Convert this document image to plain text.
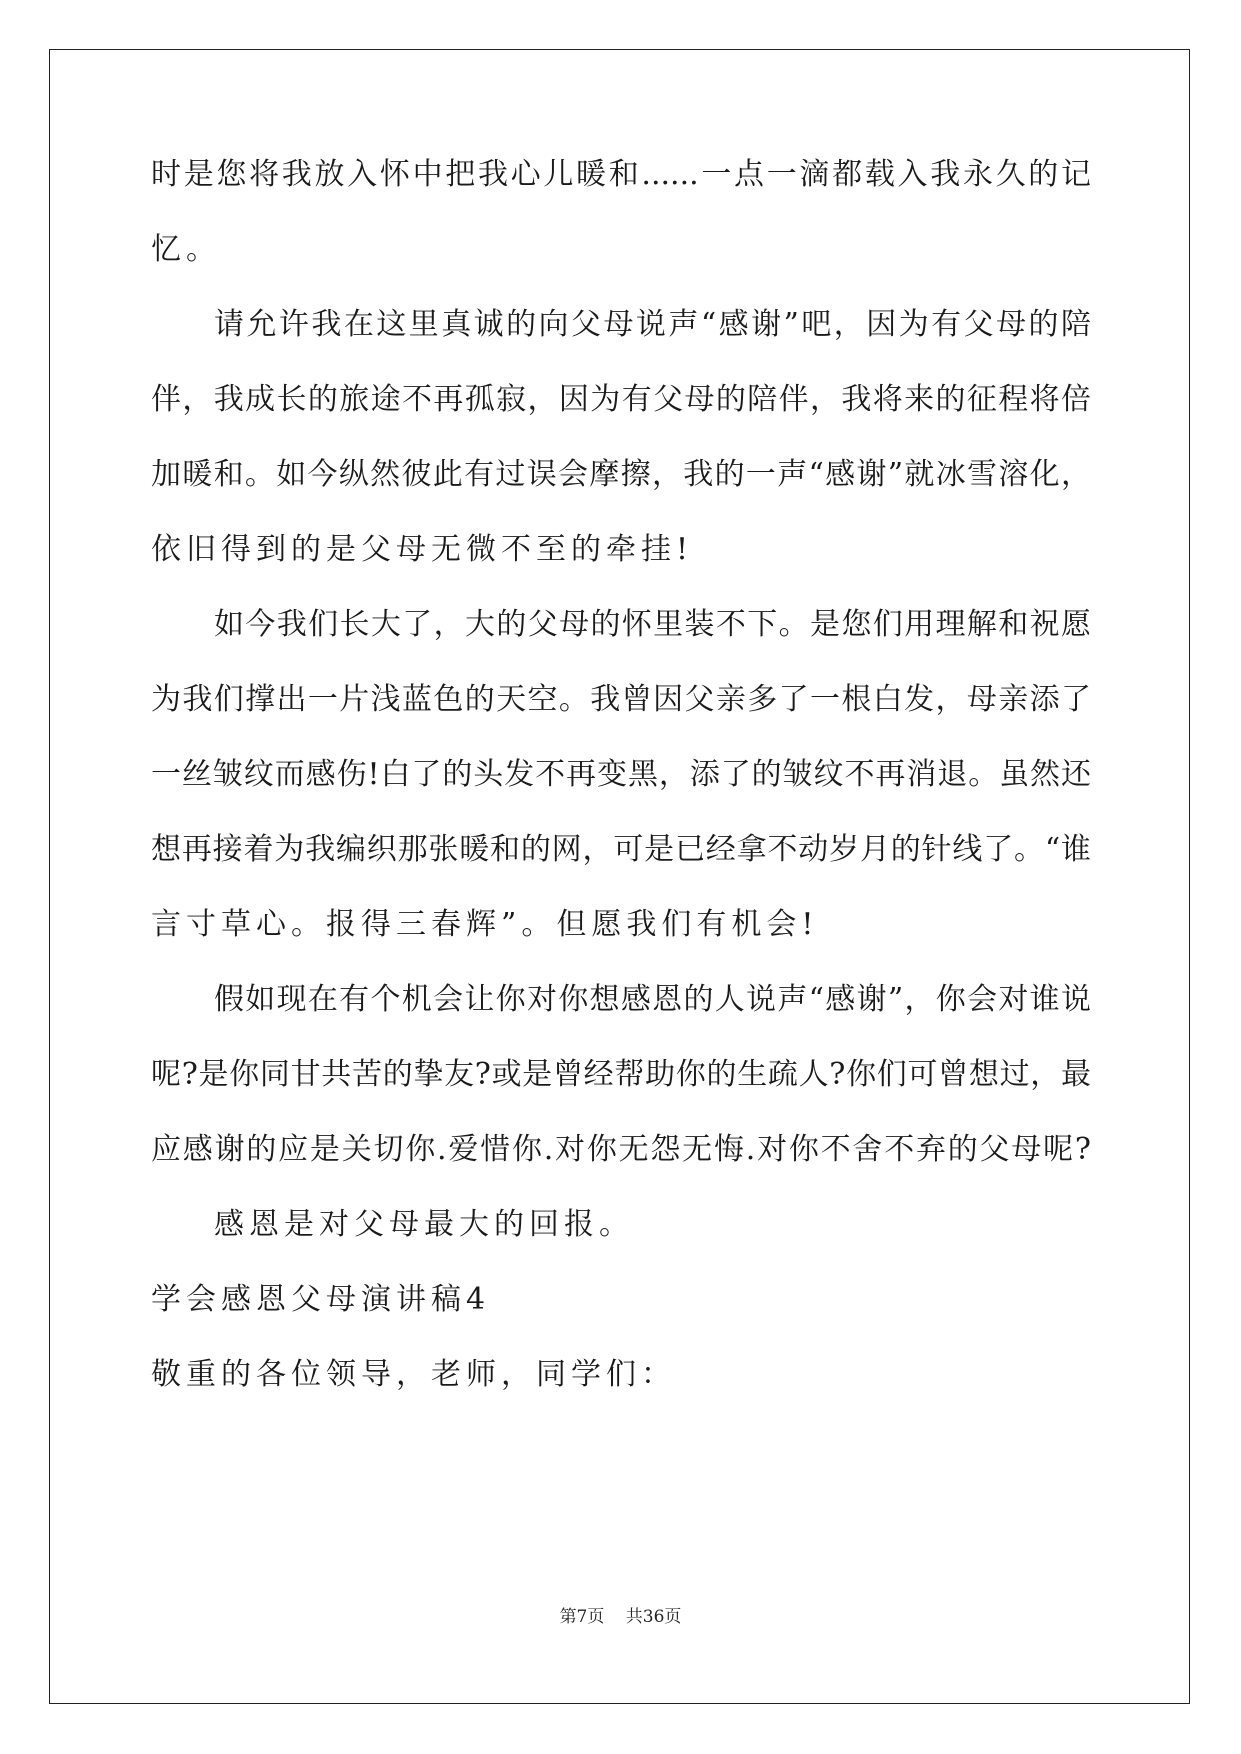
时是您将我放入怀中把我心儿暖和......一点一滴都载入我永久的记
忆。
请允许我在这里真诚的向父母说声“感谢”吧，因为有父母的陪
伴，我成长的旅途不再孤寂，因为有父母的陪伴，我将来的征程将倍
加暖和。如今纵然彼此有过误会摩擦，我的一声“感谢”就冰雪溶化，
依旧得到的是父母无微不至的牵挂!
如今我们长大了，大的父母的怀里装不下。是您们用理解和祝愿
为我们撑出一片浅蓝色的天空。我曾因父亲多了一根白发，母亲添了
一丝皱纹而感伤!白了的头发不再变黑，添了的皱纹不再消退。虽然还
想再接着为我编织那张暖和的网，可是已经拿不动岁月的针线了。“谁
言寸草心。报得三春辉”。但愿我们有机会!
假如现在有个机会让你对你想感恩的人说声“感谢”，你会对谁说
呢?是你同甘共苦的挚友?或是曾经帮助你的生疏人?你们可曾想过，最
应感谢的应是关切你.爱惜你.对你无怨无悔.对你不舍不弃的父母呢?
感恩是对父母最大的回报。
学会感恩父母演讲稿4
敬重的各位领导，老师，同学们：
第7页 共36页
